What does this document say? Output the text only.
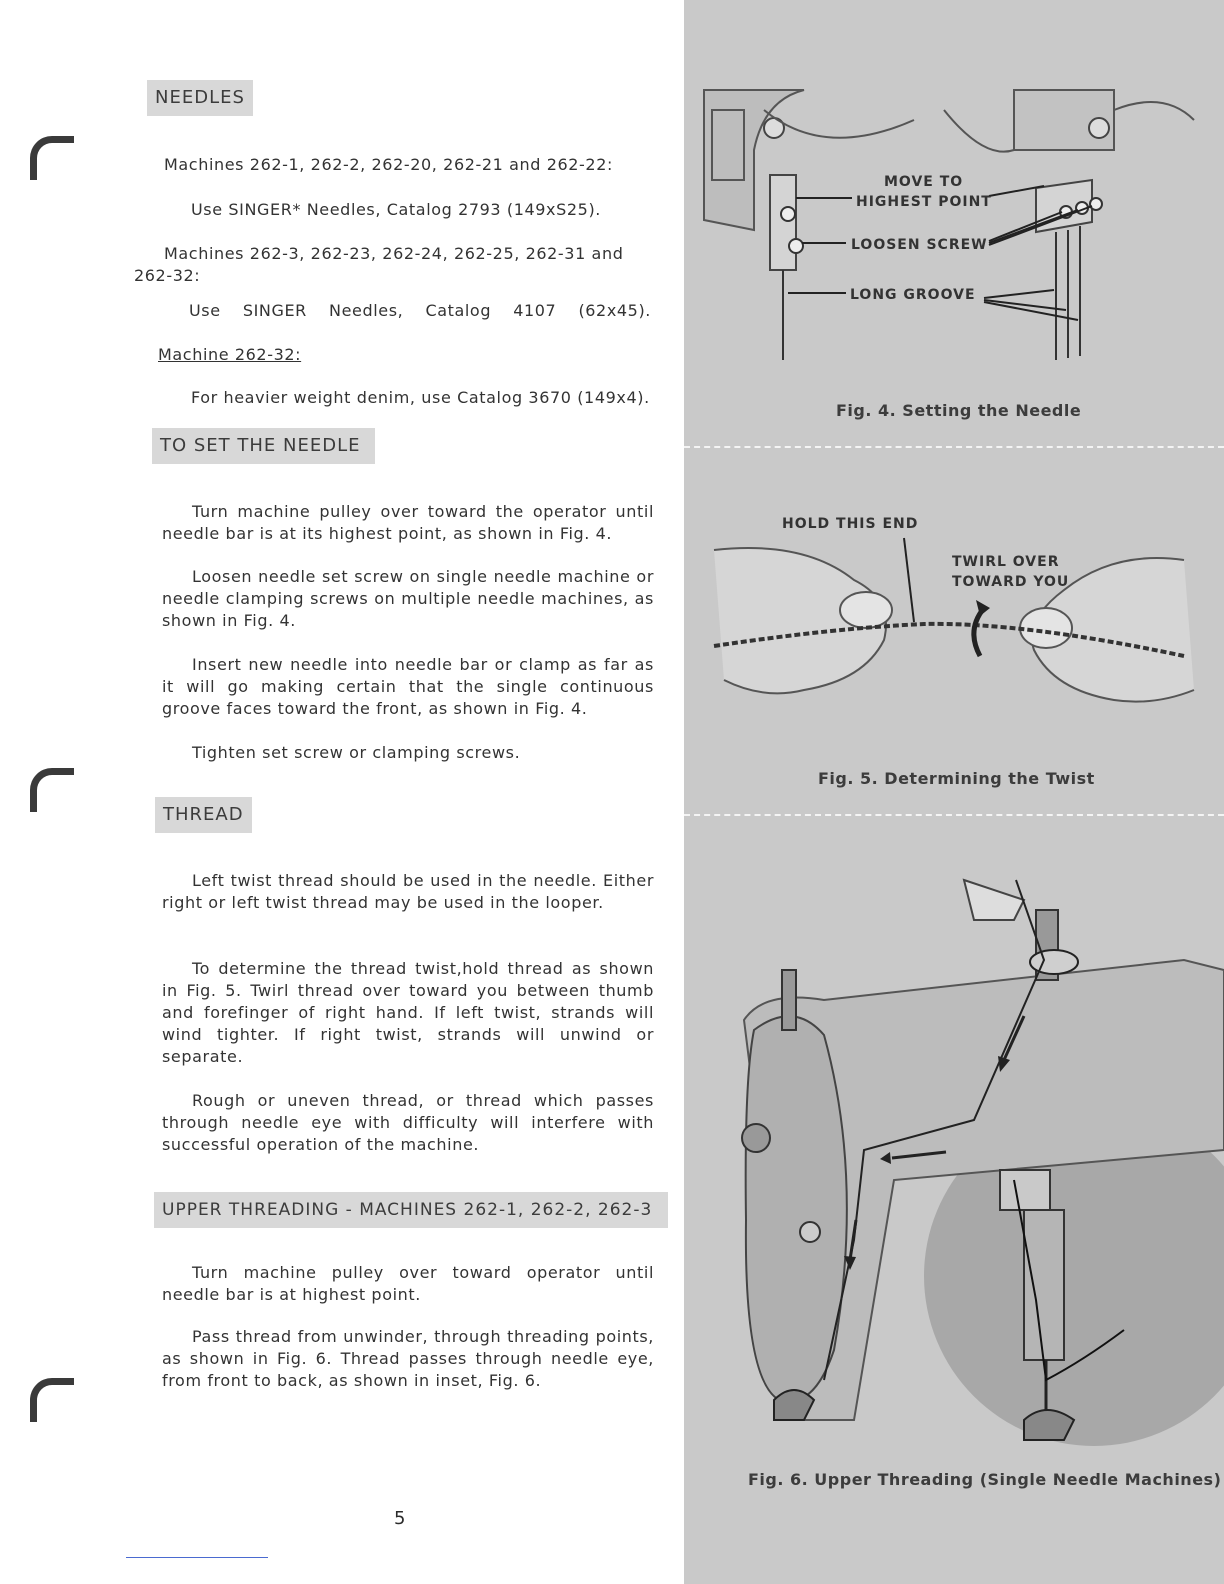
NEEDLES
Machines 262-1, 262-2, 262-20, 262-21 and 262-22:
Use SINGER* Needles, Catalog 2793 (149xS25).
Machines 262-3, 262-23, 262-24, 262-25, 262-31 and
262-32:
Use SINGER Needles, Catalog 4107 (62x45).
Machine 262-32:
For heavier weight denim, use Catalog 3670 (149x4).
TO SET THE NEEDLE
Turn machine pulley over toward the operator until needle bar is at its highest point, as shown in Fig. 4.
Loosen needle set screw on single needle machine or needle clamping screws on multiple needle machines, as shown in Fig. 4.
Insert new needle into needle bar or clamp as far as it will go making certain that the single continuous groove faces toward the front, as shown in Fig. 4.
Tighten set screw or clamping screws.
THREAD
Left twist thread should be used in the needle. Either right or left twist thread may be used in the looper.
To determine the thread twist,hold thread as shown in Fig. 5. Twirl thread over toward you between thumb and forefinger of right hand. If left twist, strands will wind tighter. If right twist, strands will unwind or separate.
Rough or uneven thread, or thread which passes through needle eye with difficulty will interfere with successful operation of the machine.
UPPER THREADING - MACHINES 262-1, 262-2, 262-3
Turn machine pulley over toward operator until needle bar is at highest point.
Pass thread from unwinder, through threading points, as shown in Fig. 6. Thread passes through needle eye, from front to back, as shown in inset, Fig. 6.
5
MOVE TO
HIGHEST POINT
LOOSEN SCREW
LONG GROOVE
Fig. 4. Setting the Needle
HOLD THIS END
TWIRL OVER
TOWARD YOU
Fig. 5. Determining the Twist
Fig. 6. Upper Threading (Single Needle Machines)
